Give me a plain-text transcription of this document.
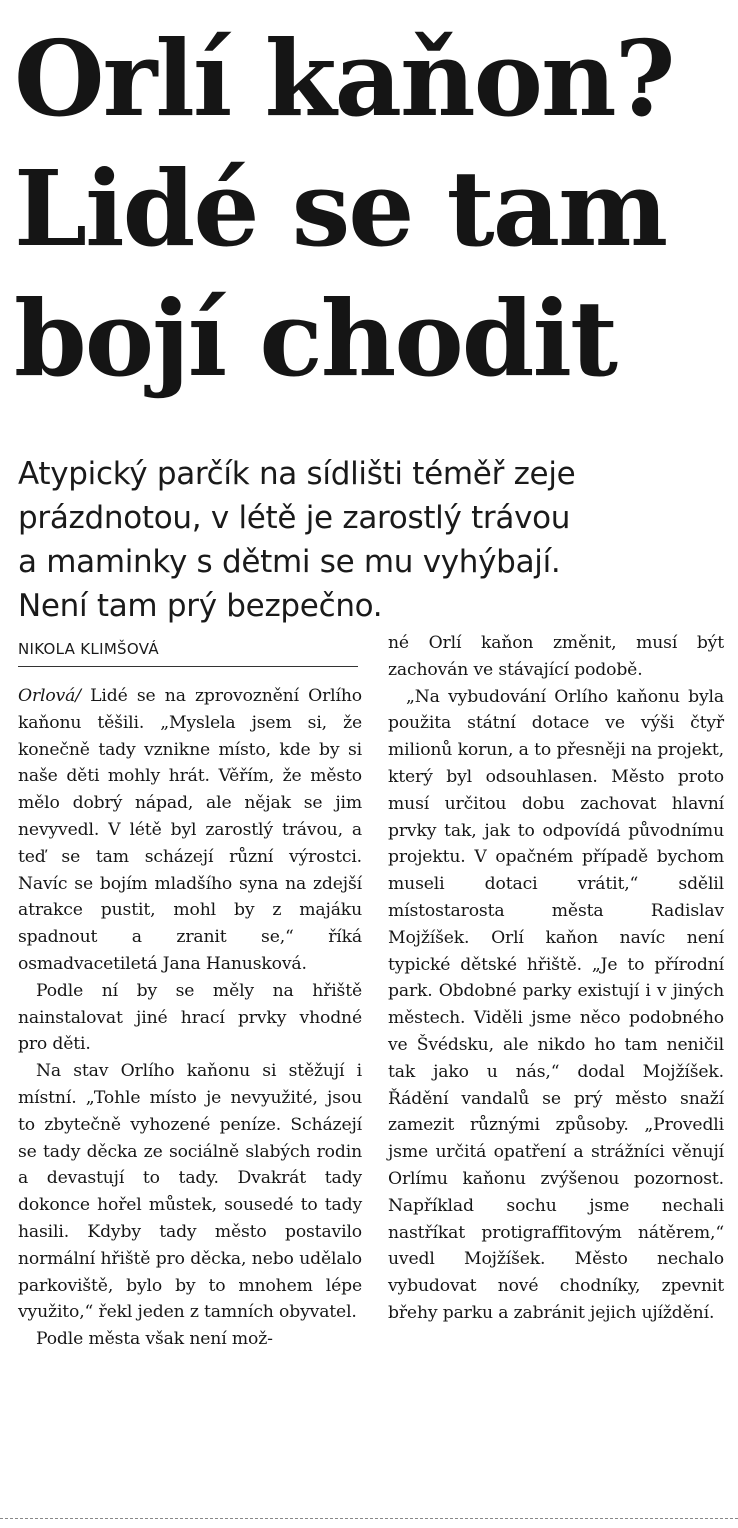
Orlí kaňon?
Lidé se tam
bojí chodit
Atypický parčík na sídlišti téměř zeje
prázdnotou, v létě je zarostlý trávou
a maminky s dětmi se mu vyhýbají.
Není tam prý bezpečno.
NIKOLA KLIMŠOVÁ

Orlová/ Lidé se na zprovoznění Orlího kaňonu těšili. „Myslela jsem si, že konečně tady vznikne místo, kde by si naše děti mohly hrát. Věřím, že město mělo dobrý nápad, ale nějak se jim nevyvedl. V létě byl zarostlý trávou, a teď se tam scházejí různí výrostci. Navíc se bojím mladšího syna na zdejší atrakce pustit, mohl by z majáku spadnout a zranit se,“ říká osmadvacetiletá Jana Hanusková.

Podle ní by se měly na hřiště nainstalovat jiné hrací prvky vhodné pro děti.

Na stav Orlího kaňonu si stěžují i místní. „Tohle místo je nevyužité, jsou to zbytečně vyhozené peníze. Scházejí se tady děcka ze sociálně slabých rodin a devastují to tady. Dvakrát tady dokonce hořel můstek, sousedé to tady hasili. Kdyby tady město postavilo normální hřiště pro děcka, nebo udělalo parkoviště, bylo by to mnohem lépe využito,“ řekl jeden z tamních obyvatel.

Podle města však není mož-

né Orlí kaňon změnit, musí být zachován ve stávající podobě.

„Na vybudování Orlího kaňonu byla použita státní dotace ve výši čtyř milionů korun, a to přesněji na projekt, který byl odsouhlasen. Město proto musí určitou dobu zachovat hlavní prvky tak, jak to odpovídá původnímu projektu. V opačném případě bychom museli dotaci vrátit,“ sdělil místostarosta města Radislav Mojžíšek. Orlí kaňon navíc není typické dětské hřiště. „Je to přírodní park. Obdobné parky existují i v jiných městech. Viděli jsme něco podobného ve Švédsku, ale nikdo ho tam neničil tak jako u nás,“ dodal Mojžíšek. Řádění vandalů se prý město snaží zamezit různými způsoby. „Provedli jsme určitá opatření a strážníci věnují Orlímu kaňonu zvýšenou pozornost. Například sochu jsme nechali nastříkat protigraffitovým nátěrem,“ uvedl Mojžíšek. Město nechalo vybudovat nové chodníky, zpevnit břehy parku a zabránit jejich ujíždění.
